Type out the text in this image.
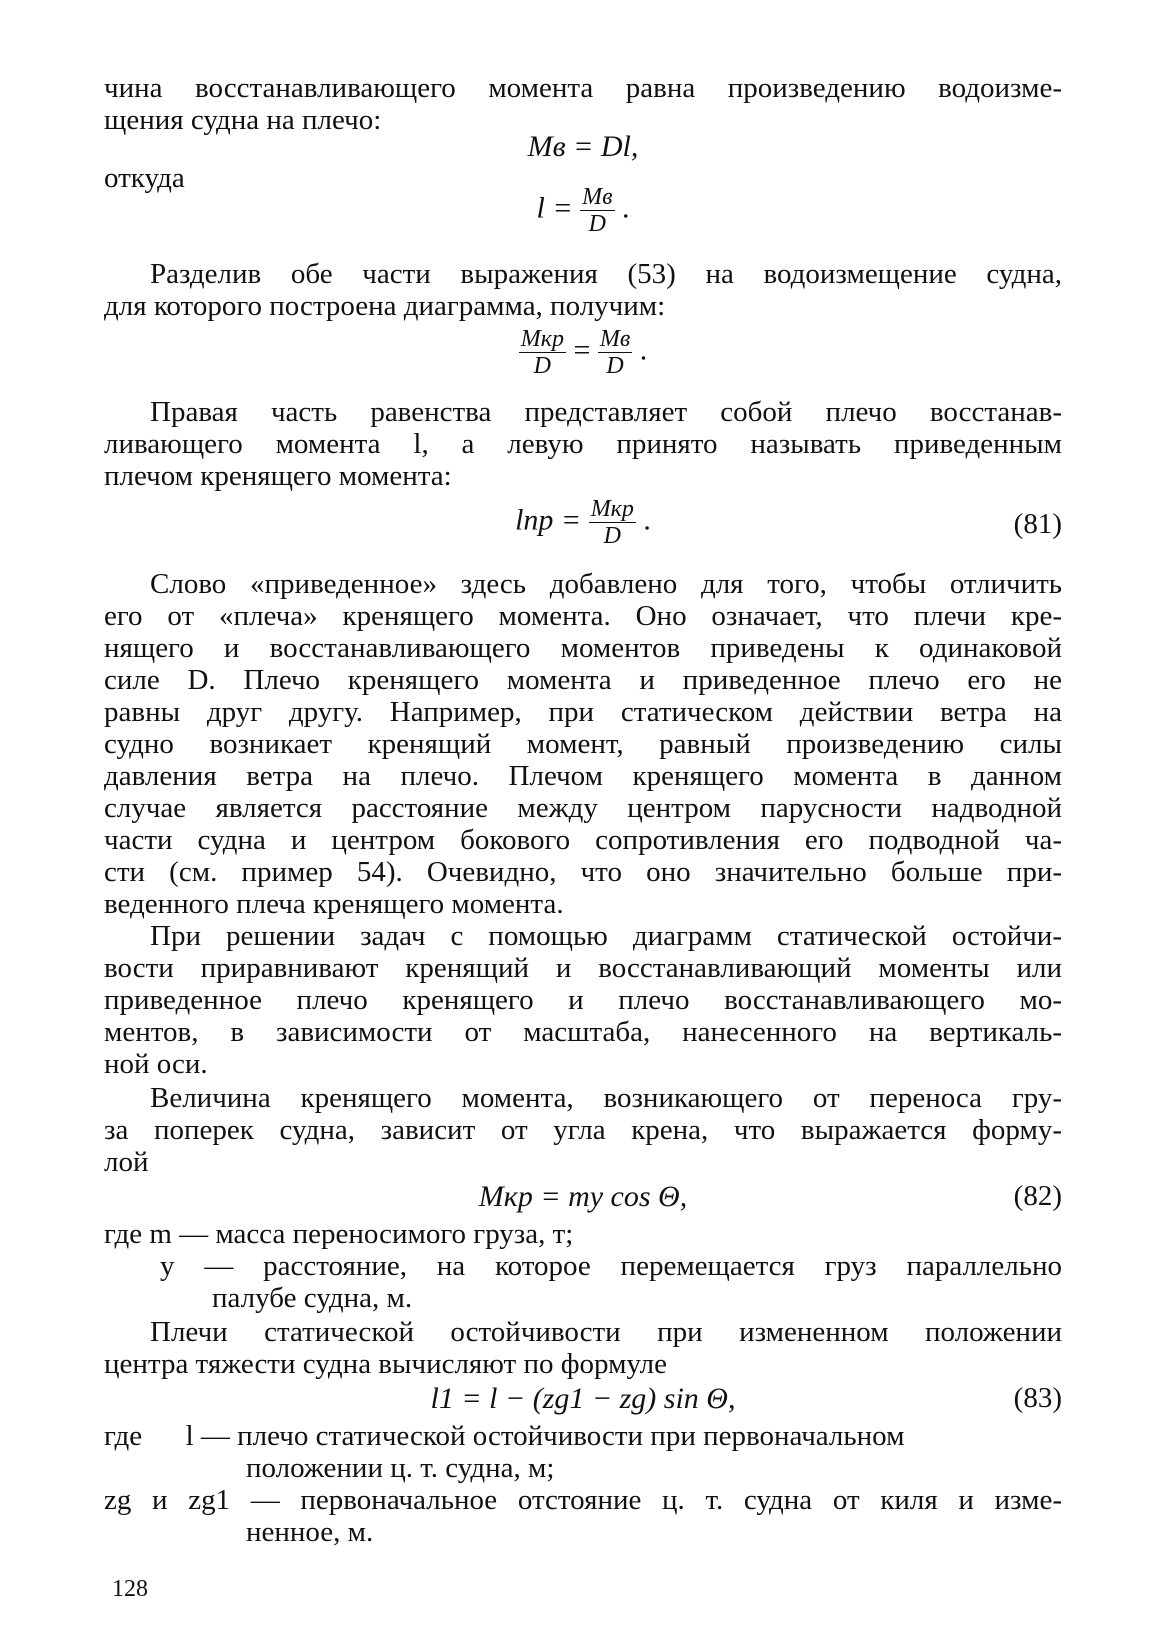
чина восстанавливающего момента равна произведению водоизме-
щения судна на плечо:
Mв = Dl,
откуда
$l = \frac{Mв}{D}$ .
Разделив обе части выражения (53) на водоизмещение судна,
для которого построена диаграмма, получим:
$\frac{\text{Mкр}}{D} = \frac{Mв}{D}$ .
Правая часть равенства представляет собой плечо восстанав-
ливающего момента l, а левую принято называть приведенным
плечом кренящего момента:
lпр = $\frac{\text{Mкр}}{D}$ .	(81)
Слово «приведенное» здесь добавлено для того, чтобы отличить
его от «плеча» кренящего момента. Оно означает, что плечи кре-
нящего и восстанавливающего моментов приведены к одинаковой
силе D. Плечо кренящего момента и приведенное плечо его не
равны друг другу. Например, при статическом действии ветра на
судно возникает кренящий момент, равный произведению силы
давления ветра на плечо. Плечом кренящего момента в данном
случае является расстояние между центром парусности надводной
части судна и центром бокового сопротивления его подводной ча-
сти (см. пример 54). Очевидно, что оно значительно больше при-
веденного плеча кренящего момента.
При решении задач с помощью диаграмм статической остойчи-
вости приравнивают кренящий и восстанавливающий моменты или
приведенное плечо кренящего и плечо восстанавливающего мо-
ментов, в зависимости от масштаба, нанесенного на вертикаль-
ной оси.
Величина кренящего момента, возникающего от переноса гру-
за поперек судна, зависит от угла крена, что выражается форму-
лой
Mкр = my cos Θ,	(82)
где m — масса переносимого груза, т;
y — расстояние, на которое перемещается груз параллельно
палубе судна, м.
Плечи статической остойчивости при измененном положении
центра тяжести судна вычисляют по формуле
l1 = l − (zg1 − zg) sin Θ,	(83)
где      l — плечо статической остойчивости при первоначальном
положении ц. т. судна, м;
zg и zg1 — первоначальное отстояние ц. т. судна от киля и изме-
ненное, м.
128
